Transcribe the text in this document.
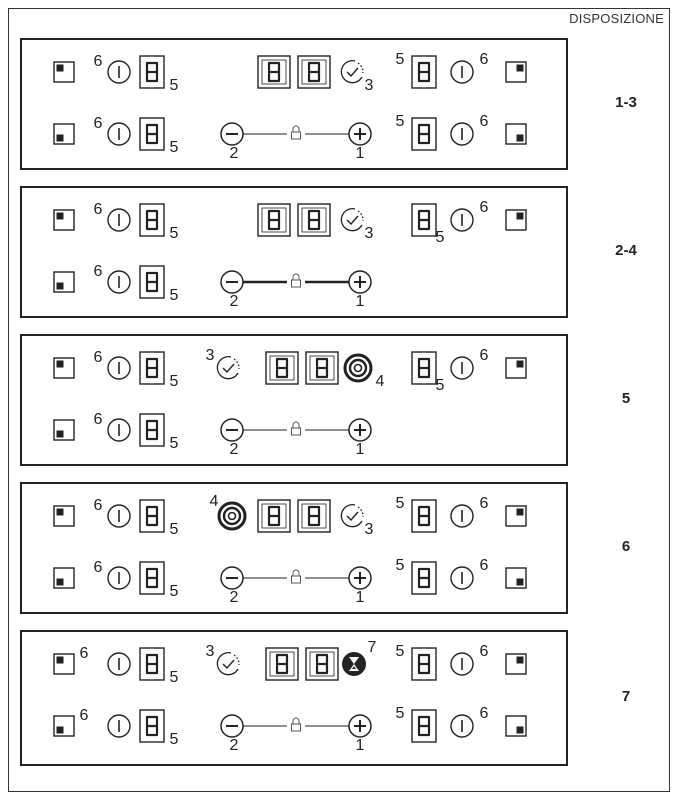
DISPOSIZIONE
6
5
6
5
3
5	6
2	1
5	6
6
5
6
5
3	5
6
2	1
6
5
6
5
3
4	5
6
2	1
6
5
6
5
4
3
5	6
2	1
5	6
6
5
6
5
3	7 5	6
2	1
5	6
1-3
2-4
5
6
7
